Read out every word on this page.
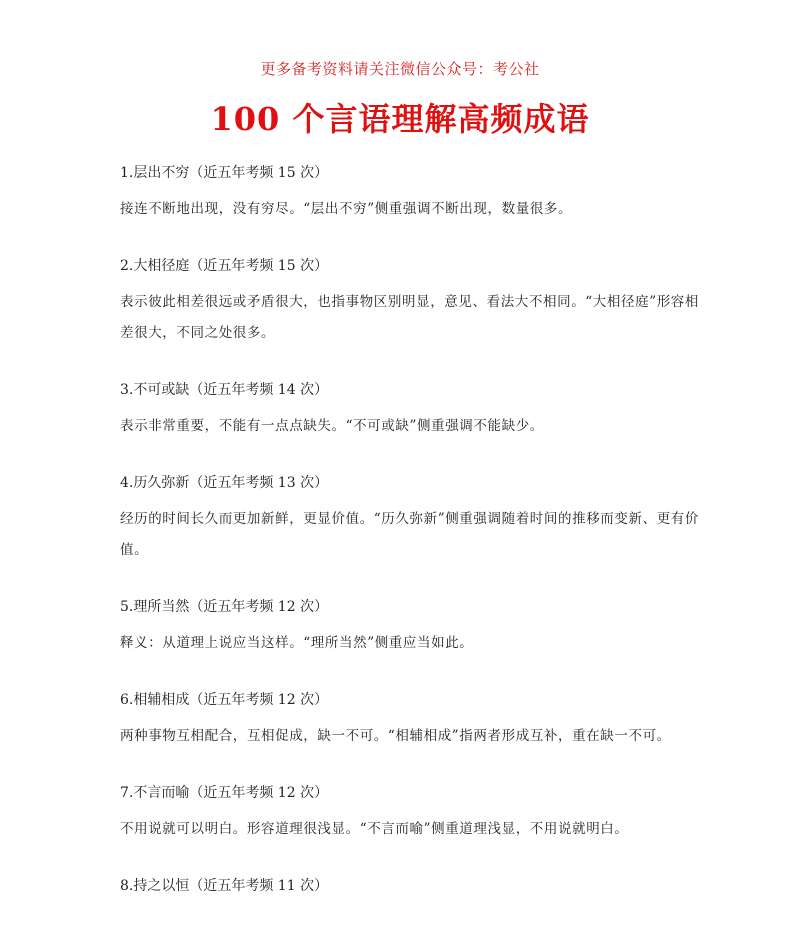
更多备考资料请关注微信公众号：考公社
100 个言语理解高频成语
1.层出不穷（近五年考频 15 次）

接连不断地出现，没有穷尽。“层出不穷”侧重强调不断出现，数量很多。

2.大相径庭（近五年考频 15 次）

表示彼此相差很远或矛盾很大，也指事物区别明显，意见、看法大不相同。“大相径庭”形容相差很大，不同之处很多。

3.不可或缺（近五年考频 14 次）

表示非常重要，不能有一点点缺失。“不可或缺”侧重强调不能缺少。

4.历久弥新（近五年考频 13 次）

经历的时间长久而更加新鲜，更显价值。“历久弥新”侧重强调随着时间的推移而变新、更有价值。

5.理所当然（近五年考频 12 次）

释义：从道理上说应当这样。“理所当然”侧重应当如此。

6.相辅相成（近五年考频 12 次）

两种事物互相配合，互相促成，缺一不可。“相辅相成”指两者形成互补，重在缺一不可。

7.不言而喻（近五年考频 12 次）

不用说就可以明白。形容道理很浅显。“不言而喻”侧重道理浅显，不用说就明白。

8.持之以恒（近五年考频 11 次）
